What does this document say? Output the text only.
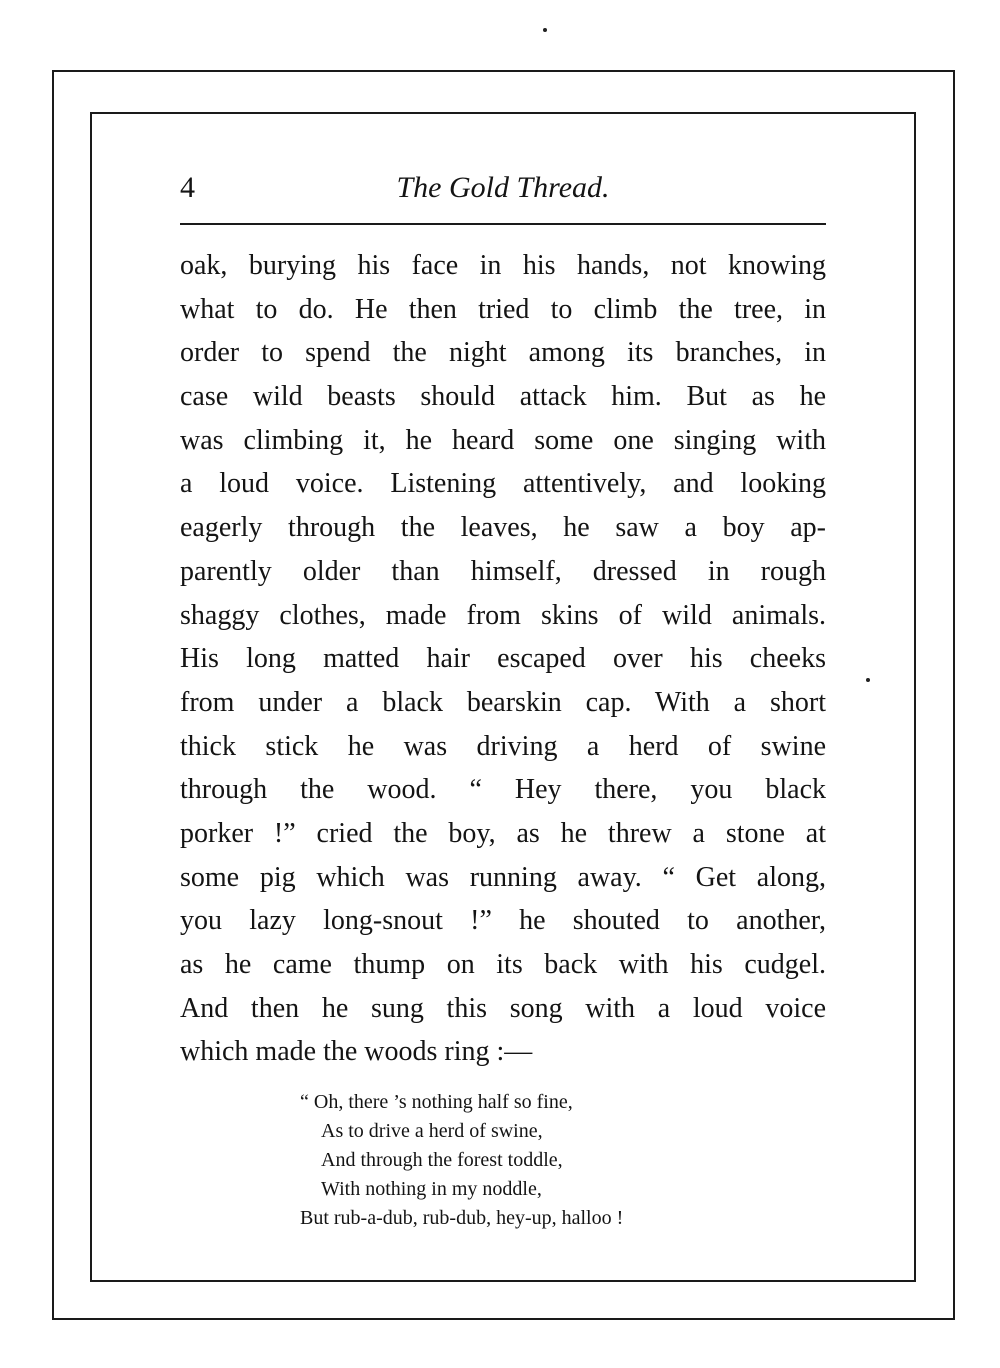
4	The Gold Thread.
oak, burying his face in his hands, not knowing
what to do. He then tried to climb the tree, in
order to spend the night among its branches, in
case wild beasts should attack him. But as he
was climbing it, he heard some one singing with
a loud voice. Listening attentively, and looking
eagerly through the leaves, he saw a boy ap-
parently older than himself, dressed in rough
shaggy clothes, made from skins of wild animals.
His long matted hair escaped over his cheeks
from under a black bearskin cap. With a short
thick stick he was driving a herd of swine
through the wood. “ Hey there, you black
porker !” cried the boy, as he threw a stone at
some pig which was running away. “ Get along,
you lazy long-snout !” he shouted to another,
as he came thump on its back with his cudgel.
And then he sung this song with a loud voice
which made the woods ring :—
“ Oh, there ’s nothing half so fine,
As to drive a herd of swine,
And through the forest toddle,
With nothing in my noddle,
But rub-a-dub, rub-dub, hey-up, halloo !
